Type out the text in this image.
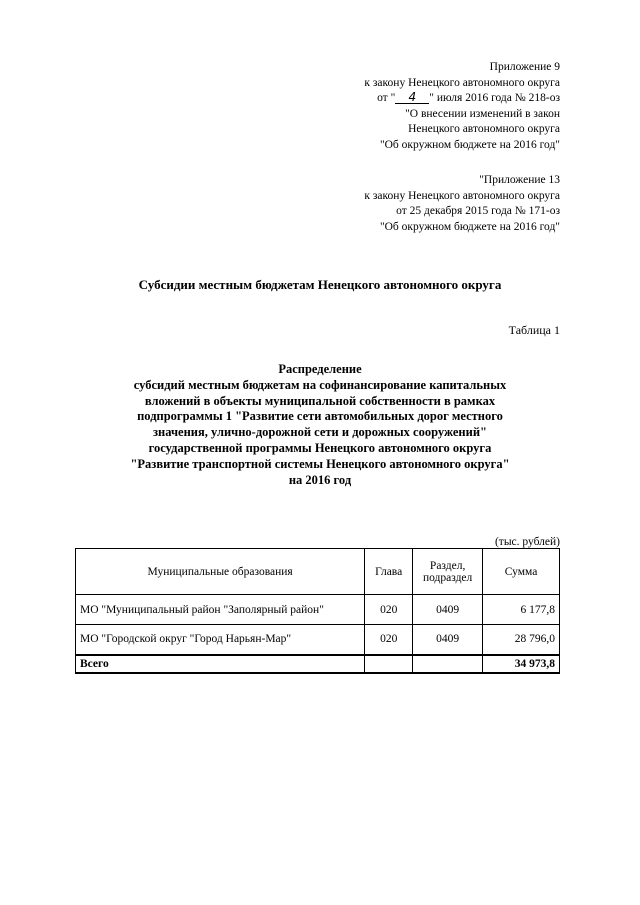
Приложение 9
к закону Ненецкого автономного округа
от " 4 " июля 2016 года № 218-оз
"О внесении изменений в закон
Ненецкого автономного округа
"Об окружном бюджете на 2016 год"
"Приложение 13
к закону Ненецкого автономного округа
от 25 декабря 2015 года № 171-оз
"Об окружном бюджете на 2016 год"
Субсидии местным бюджетам Ненецкого автономного округа
Таблица 1
Распределение
субсидий местным бюджетам на софинансирование капитальных
вложений в объекты муниципальной собственности в рамках
подпрограммы 1 "Развитие сети автомобильных дорог местного
значения, улично-дорожной сети и дорожных сооружений"
государственной программы Ненецкого автономного округа
"Развитие транспортной системы Ненецкого автономного округа"
на 2016 год
(тыс. рублей)
Муниципальные образования	Глава	Раздел, подраздел	Сумма
МО "Муниципальный район "Заполярный район"	020	0409	6 177,8
МО "Городской округ "Город Нарьян-Мар"	020	0409	28 796,0
Всего			34 973,8
